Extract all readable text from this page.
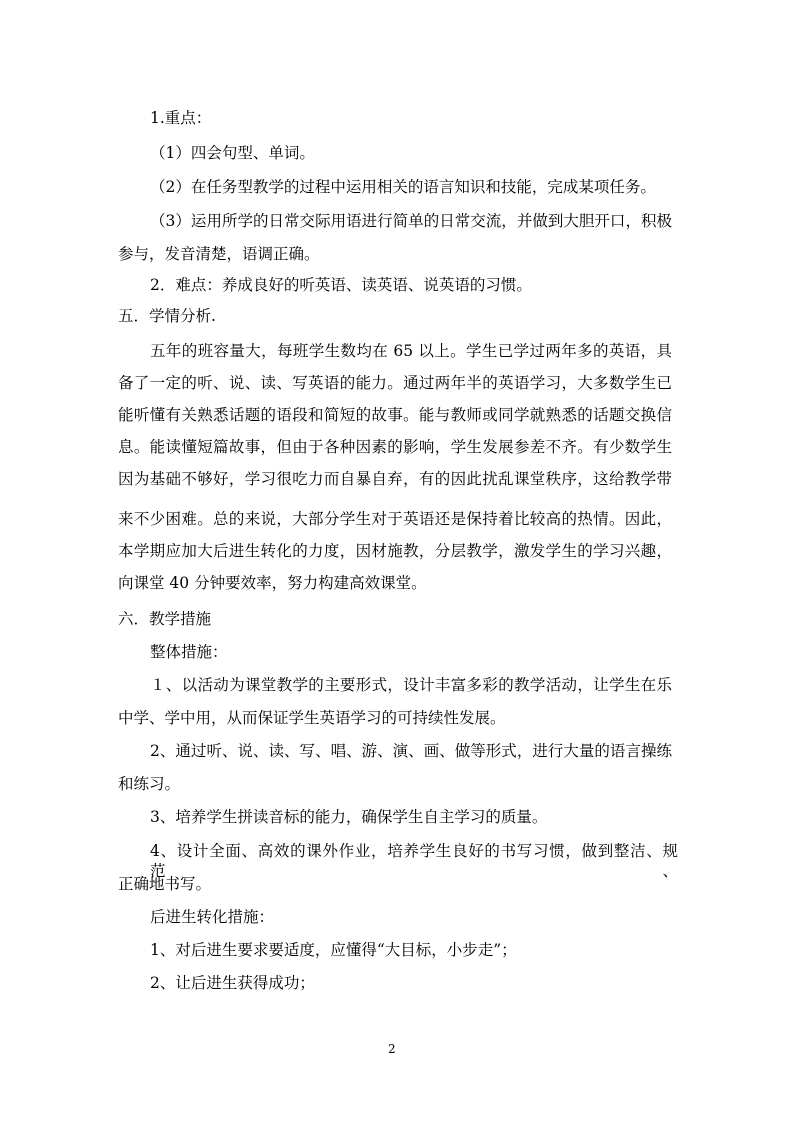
1.重点：
（1）四会句型、单词。
（2）在任务型教学的过程中运用相关的语言知识和技能，完成某项任务。
（3）运用所学的日常交际用语进行简单的日常交流，并做到大胆开口，积极
参与，发音清楚，语调正确。
2．难点：养成良好的听英语、读英语、说英语的习惯。
五．学情分析.
五年的班容量大，每班学生数均在 65 以上。学生已学过两年多的英语，具
备了一定的听、说、读、写英语的能力。通过两年半的英语学习，大多数学生已
能听懂有关熟悉话题的语段和简短的故事。能与教师或同学就熟悉的话题交换信
息。能读懂短篇故事，但由于各种因素的影响，学生发展参差不齐。有少数学生
因为基础不够好，学习很吃力而自暴自弃，有的因此扰乱课堂秩序，这给教学带
来不少困难。总的来说，大部分学生对于英语还是保持着比较高的热情。因此，
本学期应加大后进生转化的力度，因材施教，分层教学，激发学生的学习兴趣，
向课堂 40 分钟要效率，努力构建高效课堂。
六．教学措施
整体措施：
１、以活动为课堂教学的主要形式，设计丰富多彩的教学活动，让学生在乐
中学、学中用，从而保证学生英语学习的可持续性发展。
2、通过听、说、读、写、唱、游、演、画、做等形式，进行大量的语言操练
和练习。
3、培养学生拼读音标的能力，确保学生自主学习的质量。
4、设计全面、高效的课外作业，培养学生良好的书写习惯，做到整洁、规范、
正确地书写。
后进生转化措施：
1、对后进生要求要适度，应懂得“大目标，小步走”；
2、让后进生获得成功；
2
